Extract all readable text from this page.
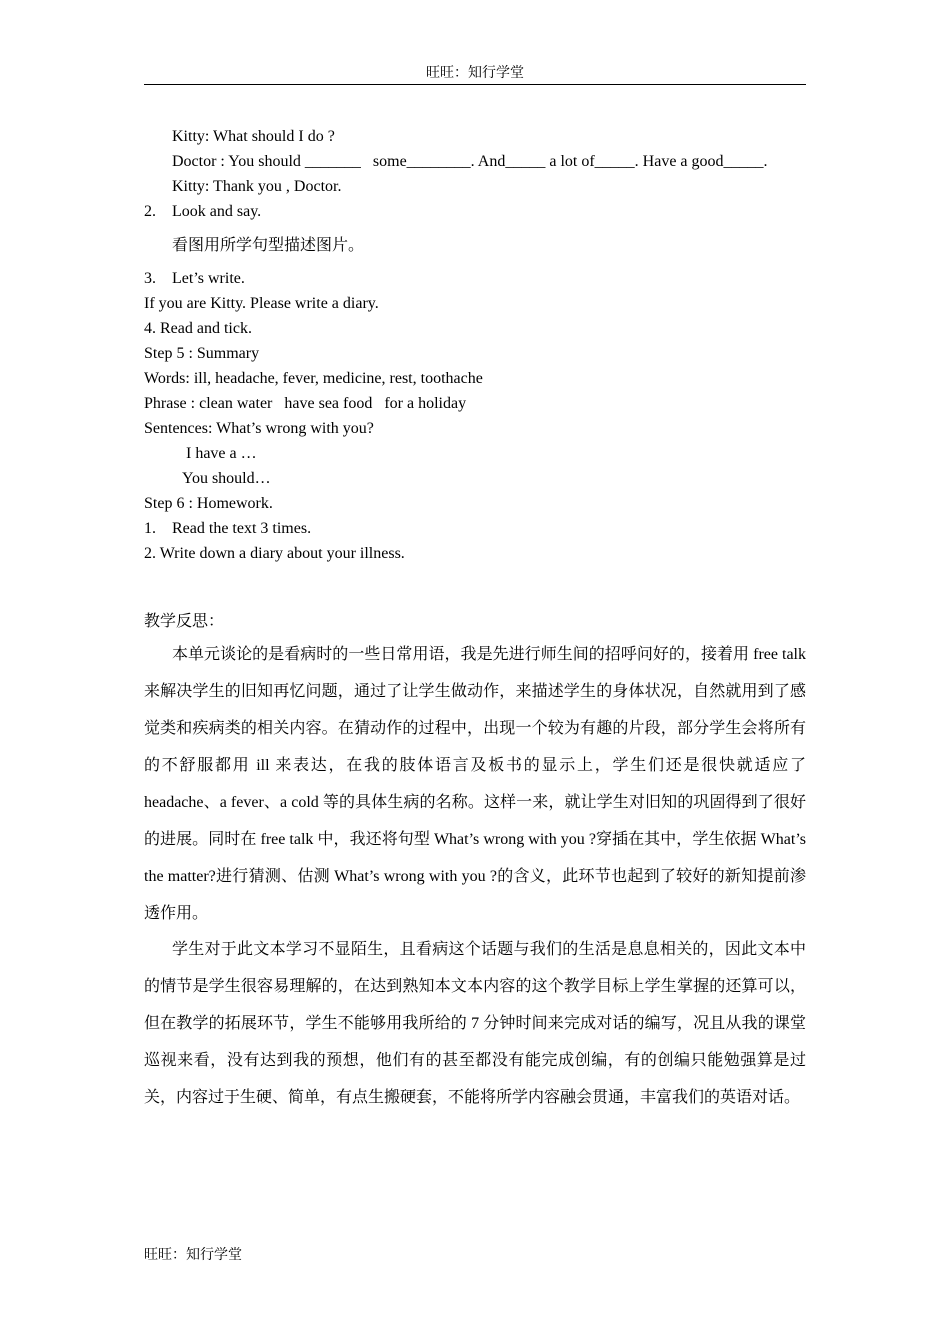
旺旺：知行学堂
Kitty: What should I do ?
Doctor : You should _______   some________. And_____ a lot of_____. Have a good_____.
Kitty: Thank you , Doctor.
2. Look and say.
看图用所学句型描述图片。
3. Let’s write.
If you are Kitty. Please write a diary.
4. Read and tick.
Step 5 : Summary
Words: ill, headache, fever, medicine, rest, toothache
Phrase : clean water   have sea food   for a holiday
Sentences: What’s wrong with you?
I have a …
You should…
Step 6 : Homework.
1. Read the text 3 times.
2. Write down a diary about your illness.
教学反思：

本单元谈论的是看病时的一些日常用语，我是先进行师生间的招呼问好的，接着用 free talk 来解决学生的旧知再忆问题，通过了让学生做动作，来描述学生的身体状况，自然就用到了感觉类和疾病类的相关内容。在猜动作的过程中，出现一个较为有趣的片段，部分学生会将所有的不舒服都用 ill 来表达，在我的肢体语言及板书的显示上，学生们还是很快就适应了 headache、a fever、a cold 等的具体生病的名称。这样一来，就让学生对旧知的巩固得到了很好的进展。同时在 free talk 中，我还将句型 What’s wrong with you ?穿插在其中，学生依据 What’s the matter?进行猜测、估测 What’s wrong with you ?的含义，此环节也起到了较好的新知提前渗透作用。

学生对于此文本学习不显陌生，且看病这个话题与我们的生活是息息相关的，因此文本中的情节是学生很容易理解的，在达到熟知本文本内容的这个教学目标上学生掌握的还算可以，但在教学的拓展环节，学生不能够用我所给的 7 分钟时间来完成对话的编写，况且从我的课堂巡视来看，没有达到我的预想，他们有的甚至都没有能完成创编，有的创编只能勉强算是过关，内容过于生硬、简单，有点生搬硬套，不能将所学内容融会贯通，丰富我们的英语对话。

旺旺：知行学堂
